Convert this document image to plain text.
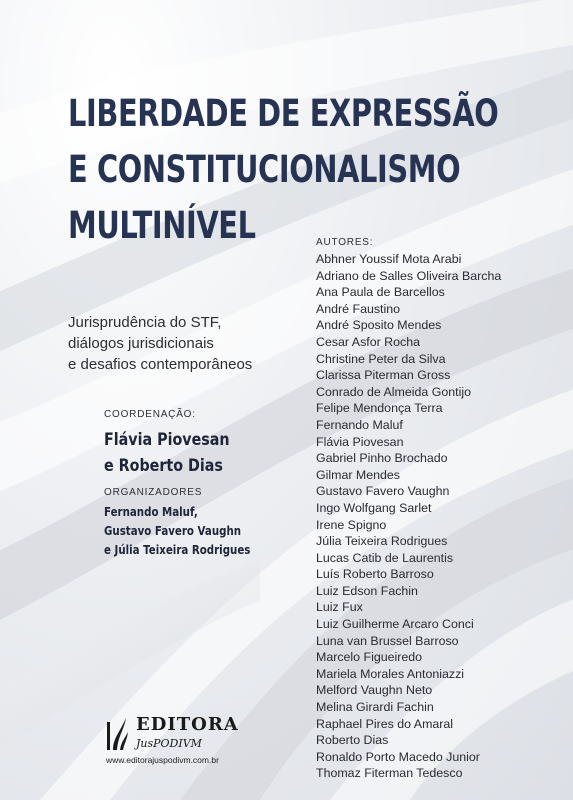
LIBERDADE DE EXPRESSÃO
E CONSTITUCIONALISMO
MULTINÍVEL
Jurisprudência do STF,
diálogos jurisdicionais
e desafios contemporâneos
COORDENAÇÃO:
Flávia Piovesan
e Roberto Dias
ORGANIZADORES
Fernando Maluf,
Gustavo Favero Vaughn
e Júlia Teixeira Rodrigues
AUTORES:
Abhner Youssif Mota Arabi
Adriano de Salles Oliveira Barcha
Ana Paula de Barcellos
André Faustino
André Sposito Mendes
Cesar Asfor Rocha
Christine Peter da Silva
Clarissa Piterman Gross
Conrado de Almeida Gontijo
Felipe Mendonça Terra
Fernando Maluf
Flávia Piovesan
Gabriel Pinho Brochado
Gilmar Mendes
Gustavo Favero Vaughn
Ingo Wolfgang Sarlet
Irene Spigno
Júlia Teixeira Rodrigues
Lucas Catib de Laurentis
Luís Roberto Barroso
Luiz Edson Fachin
Luiz Fux
Luiz Guilherme Arcaro Conci
Luna van Brussel Barroso
Marcelo Figueiredo
Mariela Morales Antoniazzi
Melford Vaughn Neto
Melina Girardi Fachin
Raphael Pires do Amaral
Roberto Dias
Ronaldo Porto Macedo Junior
Thomaz Fiterman Tedesco
EDITORA
JusPODIVM
www.editorajuspodivm.com.br
